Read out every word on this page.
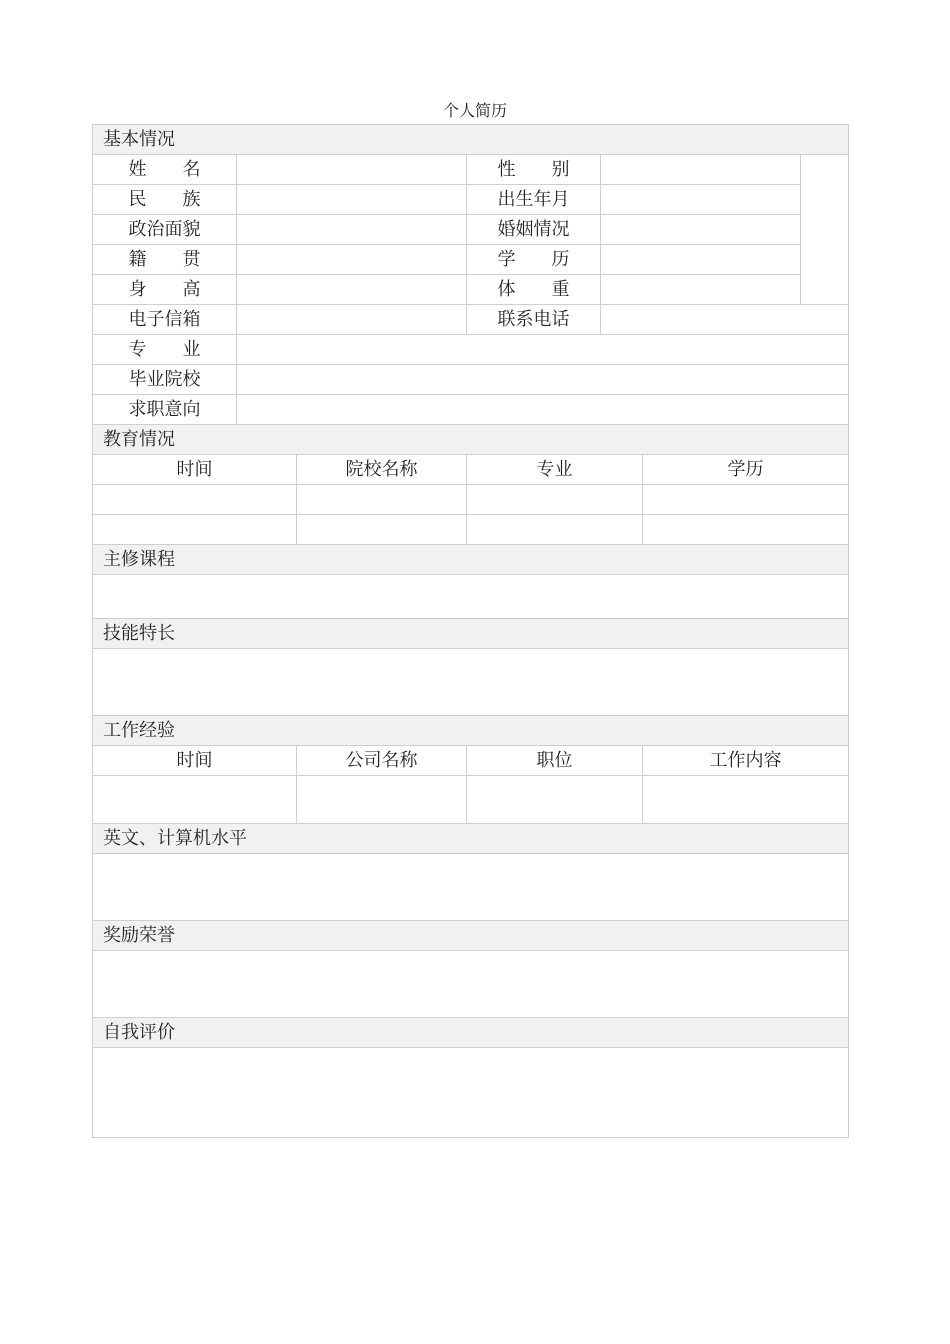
个人简历
基本情况						
姓　　名			性　　别			
民　　族			出生年月			
政治面貌			婚姻情况			
籍　　贯			学　　历			
身　　高			体　　重			
电子信箱			联系电话			
专　　业						
毕业院校						
求职意向						
教育情况						
时间		院校名称	专业		学历	

主修课程						

技能特长						

工作经验						
时间		公司名称	职位		工作内容	

英文、计算机水平						

奖励荣誉						

自我评价						
